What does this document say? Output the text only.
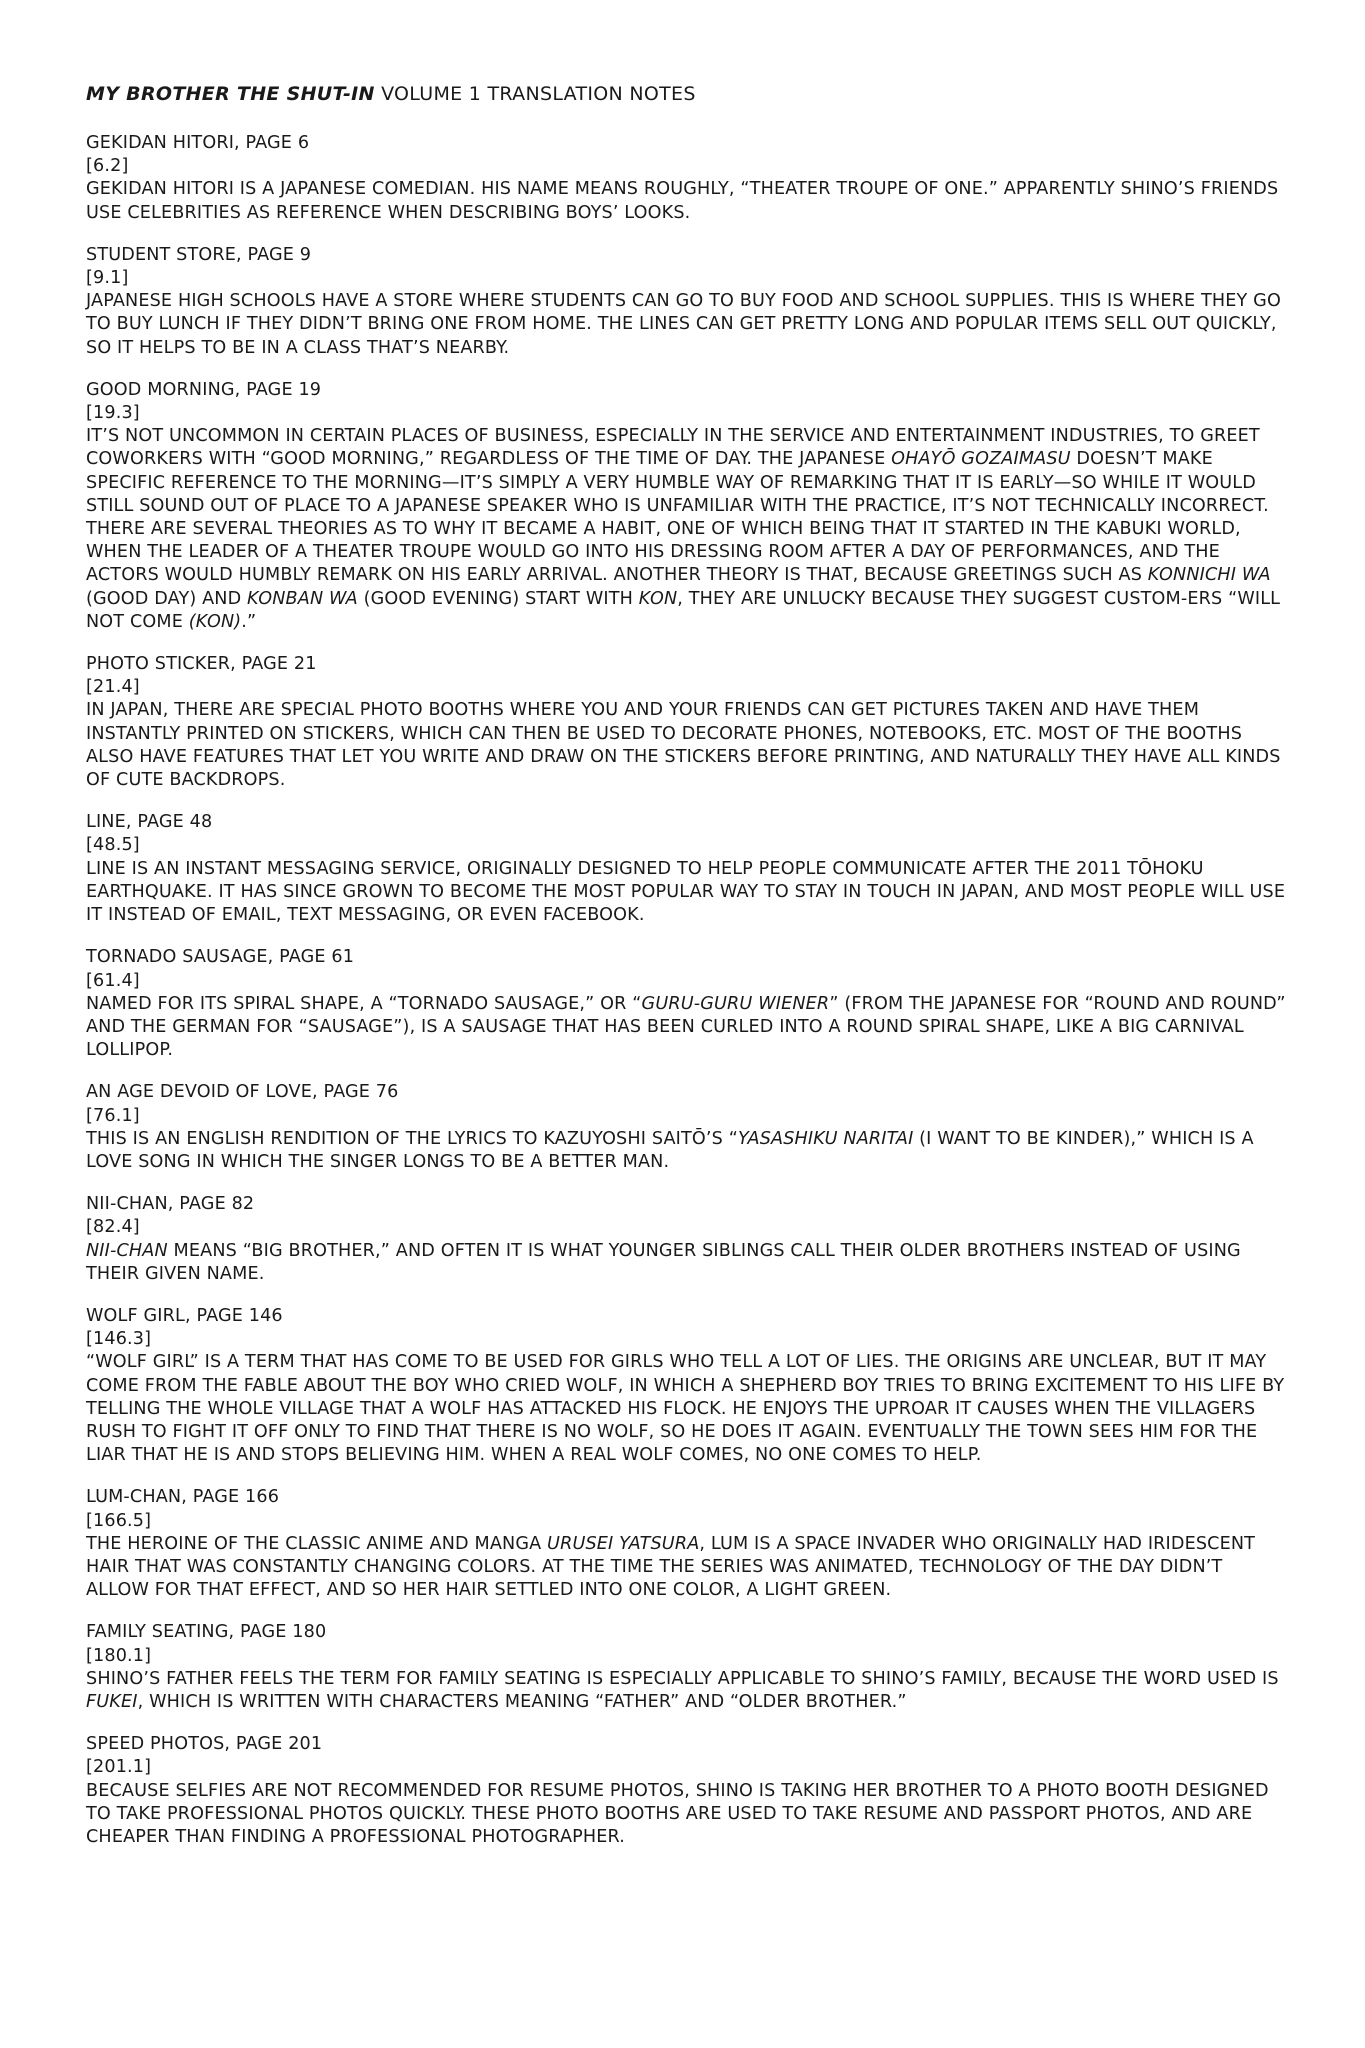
MY BROTHER THE SHUT-IN VOLUME 1 TRANSLATION NOTES

GEKIDAN HITORI, PAGE 6

[6.2]

GEKIDAN HITORI IS A JAPANESE COMEDIAN. HIS NAME MEANS ROUGHLY, “THEATER TROUPE OF ONE.” APPARENTLY SHINO’S FRIENDS USE CELEBRITIES AS REFERENCE WHEN DESCRIBING BOYS’ LOOKS.

STUDENT STORE, PAGE 9

[9.1]

JAPANESE HIGH SCHOOLS HAVE A STORE WHERE STUDENTS CAN GO TO BUY FOOD AND SCHOOL SUPPLIES. THIS IS WHERE THEY GO TO BUY LUNCH IF THEY DIDN’T BRING ONE FROM HOME. THE LINES CAN GET PRETTY LONG AND POPULAR ITEMS SELL OUT QUICKLY, SO IT HELPS TO BE IN A CLASS THAT’S NEARBY.

GOOD MORNING, PAGE 19

[19.3]

IT’S NOT UNCOMMON IN CERTAIN PLACES OF BUSINESS, ESPECIALLY IN THE SERVICE AND ENTERTAINMENT INDUSTRIES, TO GREET COWORKERS WITH “GOOD MORNING,” REGARDLESS OF THE TIME OF DAY. THE JAPANESE OHAYŌ GOZAIMASU DOESN’T MAKE SPECIFIC REFERENCE TO THE MORNING—IT’S SIMPLY A VERY HUMBLE WAY OF REMARKING THAT IT IS EARLY—SO WHILE IT WOULD STILL SOUND OUT OF PLACE TO A JAPANESE SPEAKER WHO IS UNFAMILIAR WITH THE PRACTICE, IT’S NOT TECHNICALLY INCORRECT. THERE ARE SEVERAL THEORIES AS TO WHY IT BECAME A HABIT, ONE OF WHICH BEING THAT IT STARTED IN THE KABUKI WORLD, WHEN THE LEADER OF A THEATER TROUPE WOULD GO INTO HIS DRESSING ROOM AFTER A DAY OF PERFORMANCES, AND THE ACTORS WOULD HUMBLY REMARK ON HIS EARLY ARRIVAL. ANOTHER THEORY IS THAT, BECAUSE GREETINGS SUCH AS KONNICHI WA (GOOD DAY) AND KONBAN WA (GOOD EVENING) START WITH KON, THEY ARE UNLUCKY BECAUSE THEY SUGGEST CUSTOM-ERS “WILL NOT COME (KON).”

PHOTO STICKER, PAGE 21

[21.4]

IN JAPAN, THERE ARE SPECIAL PHOTO BOOTHS WHERE YOU AND YOUR FRIENDS CAN GET PICTURES TAKEN AND HAVE THEM INSTANTLY PRINTED ON STICKERS, WHICH CAN THEN BE USED TO DECORATE PHONES, NOTEBOOKS, ETC. MOST OF THE BOOTHS ALSO HAVE FEATURES THAT LET YOU WRITE AND DRAW ON THE STICKERS BEFORE PRINTING, AND NATURALLY THEY HAVE ALL KINDS OF CUTE BACKDROPS.

LINE, PAGE 48

[48.5]

LINE IS AN INSTANT MESSAGING SERVICE, ORIGINALLY DESIGNED TO HELP PEOPLE COMMUNICATE AFTER THE 2011 TŌHOKU EARTHQUAKE. IT HAS SINCE GROWN TO BECOME THE MOST POPULAR WAY TO STAY IN TOUCH IN JAPAN, AND MOST PEOPLE WILL USE IT INSTEAD OF EMAIL, TEXT MESSAGING, OR EVEN FACEBOOK.

TORNADO SAUSAGE, PAGE 61

[61.4]

NAMED FOR ITS SPIRAL SHAPE, A “TORNADO SAUSAGE,” OR “GURU-GURU WIENER” (FROM THE JAPANESE FOR “ROUND AND ROUND” AND THE GERMAN FOR “SAUSAGE”), IS A SAUSAGE THAT HAS BEEN CURLED INTO A ROUND SPIRAL SHAPE, LIKE A BIG CARNIVAL LOLLIPOP.

AN AGE DEVOID OF LOVE, PAGE 76

[76.1]

THIS IS AN ENGLISH RENDITION OF THE LYRICS TO KAZUYOSHI SAITŌ’S “YASASHIKU NARITAI (I WANT TO BE KINDER),” WHICH IS A LOVE SONG IN WHICH THE SINGER LONGS TO BE A BETTER MAN.

NII-CHAN, PAGE 82

[82.4]

NII-CHAN MEANS “BIG BROTHER,” AND OFTEN IT IS WHAT YOUNGER SIBLINGS CALL THEIR OLDER BROTHERS INSTEAD OF USING THEIR GIVEN NAME.

WOLF GIRL, PAGE 146

[146.3]

“WOLF GIRL” IS A TERM THAT HAS COME TO BE USED FOR GIRLS WHO TELL A LOT OF LIES. THE ORIGINS ARE UNCLEAR, BUT IT MAY COME FROM THE FABLE ABOUT THE BOY WHO CRIED WOLF, IN WHICH A SHEPHERD BOY TRIES TO BRING EXCITEMENT TO HIS LIFE BY TELLING THE WHOLE VILLAGE THAT A WOLF HAS ATTACKED HIS FLOCK. HE ENJOYS THE UPROAR IT CAUSES WHEN THE VILLAGERS RUSH TO FIGHT IT OFF ONLY TO FIND THAT THERE IS NO WOLF, SO HE DOES IT AGAIN. EVENTUALLY THE TOWN SEES HIM FOR THE LIAR THAT HE IS AND STOPS BELIEVING HIM. WHEN A REAL WOLF COMES, NO ONE COMES TO HELP.

LUM-CHAN, PAGE 166

[166.5]

THE HEROINE OF THE CLASSIC ANIME AND MANGA URUSEI YATSURA, LUM IS A SPACE INVADER WHO ORIGINALLY HAD IRIDESCENT HAIR THAT WAS CONSTANTLY CHANGING COLORS. AT THE TIME THE SERIES WAS ANIMATED, TECHNOLOGY OF THE DAY DIDN’T ALLOW FOR THAT EFFECT, AND SO HER HAIR SETTLED INTO ONE COLOR, A LIGHT GREEN.

FAMILY SEATING, PAGE 180

[180.1]

SHINO’S FATHER FEELS THE TERM FOR FAMILY SEATING IS ESPECIALLY APPLICABLE TO SHINO’S FAMILY, BECAUSE THE WORD USED IS FUKEI, WHICH IS WRITTEN WITH CHARACTERS MEANING “FATHER” AND “OLDER BROTHER.”

SPEED PHOTOS, PAGE 201

[201.1]

BECAUSE SELFIES ARE NOT RECOMMENDED FOR RESUME PHOTOS, SHINO IS TAKING HER BROTHER TO A PHOTO BOOTH DESIGNED TO TAKE PROFESSIONAL PHOTOS QUICKLY. THESE PHOTO BOOTHS ARE USED TO TAKE RESUME AND PASSPORT PHOTOS, AND ARE CHEAPER THAN FINDING A PROFESSIONAL PHOTOGRAPHER.
